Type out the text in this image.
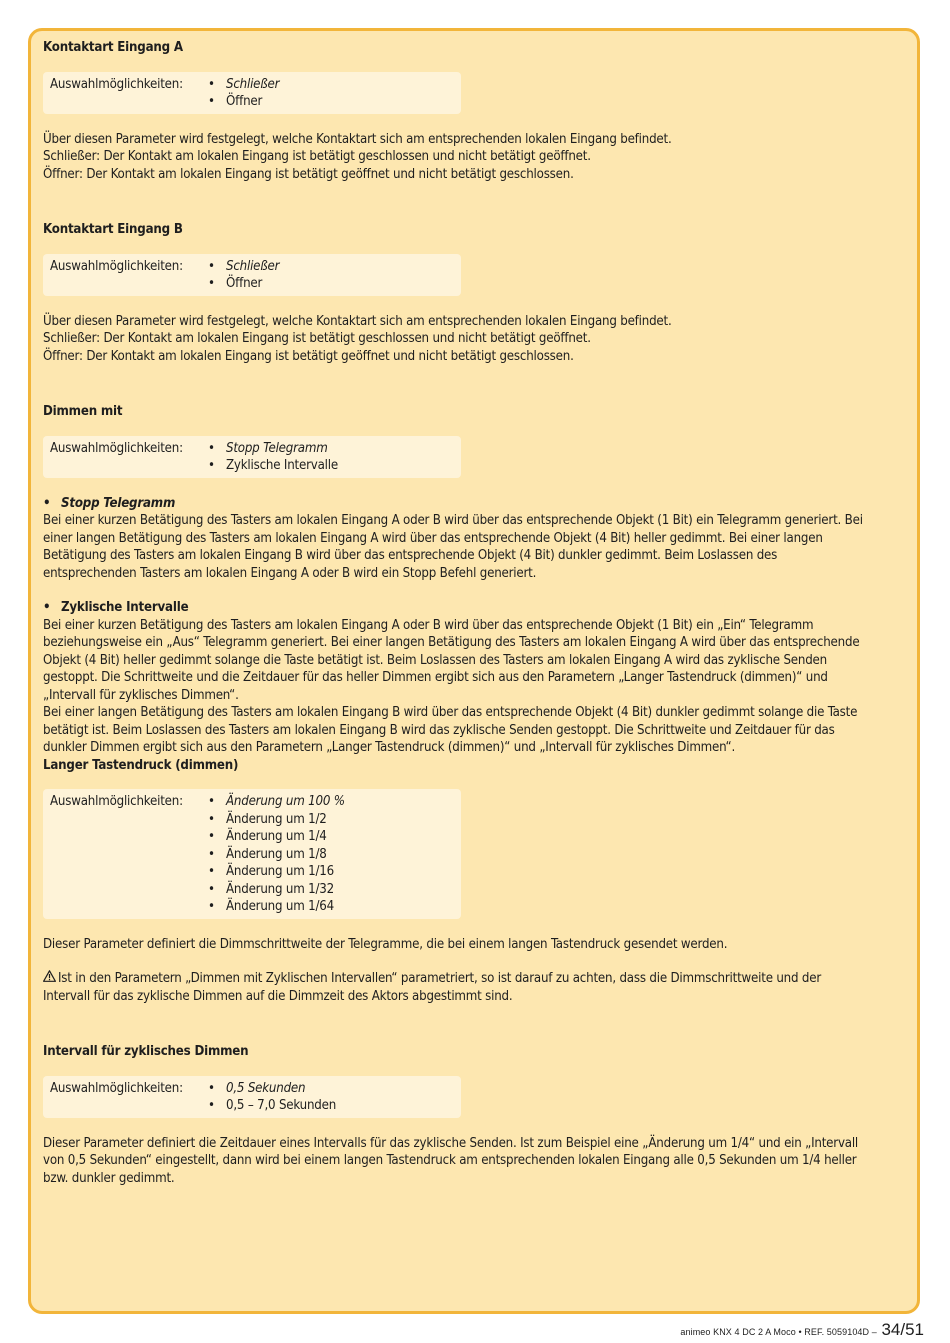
Kontaktart Eingang A

Auswahlmöglichkeiten:	• Schließer
• Öffner

Über diesen Parameter wird festgelegt, welche Kontaktart sich am entsprechenden lokalen Eingang befindet.

Schließer: Der Kontakt am lokalen Eingang ist betätigt geschlossen und nicht betätigt geöffnet.

Öffner: Der Kontakt am lokalen Eingang ist betätigt geöffnet und nicht betätigt geschlossen.

Kontaktart Eingang B

Auswahlmöglichkeiten:	• Schließer
• Öffner

Über diesen Parameter wird festgelegt, welche Kontaktart sich am entsprechenden lokalen Eingang befindet.

Schließer: Der Kontakt am lokalen Eingang ist betätigt geschlossen und nicht betätigt geöffnet.

Öffner: Der Kontakt am lokalen Eingang ist betätigt geöffnet und nicht betätigt geschlossen.

Dimmen mit

Auswahlmöglichkeiten:	• Stopp Telegramm
• Zyklische Intervalle

• Stopp Telegramm

Bei einer kurzen Betätigung des Tasters am lokalen Eingang A oder B wird über das entsprechende Objekt (1 Bit) ein Telegramm generiert. Bei einer langen Betätigung des Tasters am lokalen Eingang A wird über das entsprechende Objekt (4 Bit) heller gedimmt. Bei einer langen Betätigung des Tasters am lokalen Eingang B wird über das entsprechende Objekt (4 Bit) dunkler gedimmt. Beim Loslassen des entsprechenden Tasters am lokalen Eingang A oder B wird ein Stopp Befehl generiert.

• Zyklische Intervalle

Bei einer kurzen Betätigung des Tasters am lokalen Eingang A oder B wird über das entsprechende Objekt (1 Bit) ein „Ein“ Telegramm beziehungsweise ein „Aus“ Telegramm generiert. Bei einer langen Betätigung des Tasters am lokalen Eingang A wird über das entsprechende Objekt (4 Bit) heller gedimmt solange die Taste betätigt ist. Beim Loslassen des Tasters am lokalen Eingang A wird das zyklische Senden gestoppt. Die Schrittweite und die Zeitdauer für das heller Dimmen ergibt sich aus den Parametern „Langer Tastendruck (dimmen)“ und „Intervall für zyklisches Dimmen“.

Bei einer langen Betätigung des Tasters am lokalen Eingang B wird über das entsprechende Objekt (4 Bit) dunkler gedimmt solange die Taste betätigt ist. Beim Loslassen des Tasters am lokalen Eingang B wird das zyklische Senden gestoppt. Die Schrittweite und Zeitdauer für das dunkler Dimmen ergibt sich aus den Parametern „Langer Tastendruck (dimmen)“ und „Intervall für zyklisches Dimmen“.

Langer Tastendruck (dimmen)

Auswahlmöglichkeiten:	• Änderung um 100 %
• Änderung um 1/2
• Änderung um 1/4
• Änderung um 1/8
• Änderung um 1/16
• Änderung um 1/32
• Änderung um 1/64

Dieser Parameter definiert die Dimmschrittweite der Telegramme, die bei einem langen Tastendruck gesendet werden.

Ist in den Parametern „Dimmen mit Zyklischen Intervallen“ parametriert, so ist darauf zu achten, dass die Dimmschrittweite und der Intervall für das zyklische Dimmen auf die Dimmzeit des Aktors abgestimmt sind.

Intervall für zyklisches Dimmen

Auswahlmöglichkeiten:	• 0,5 Sekunden
• 0,5 – 7,0 Sekunden

Dieser Parameter definiert die Zeitdauer eines Intervalls für das zyklische Senden. Ist zum Beispiel eine „Änderung um 1/4“ und ein „Intervall von 0,5 Sekunden“ eingestellt, dann wird bei einem langen Tastendruck am entsprechenden lokalen Eingang alle 0,5 Sekunden um 1/4 heller bzw. dunkler gedimmt.

animeo KNX 4 DC 2 A Moco • REF. 5059104D – 34/51
